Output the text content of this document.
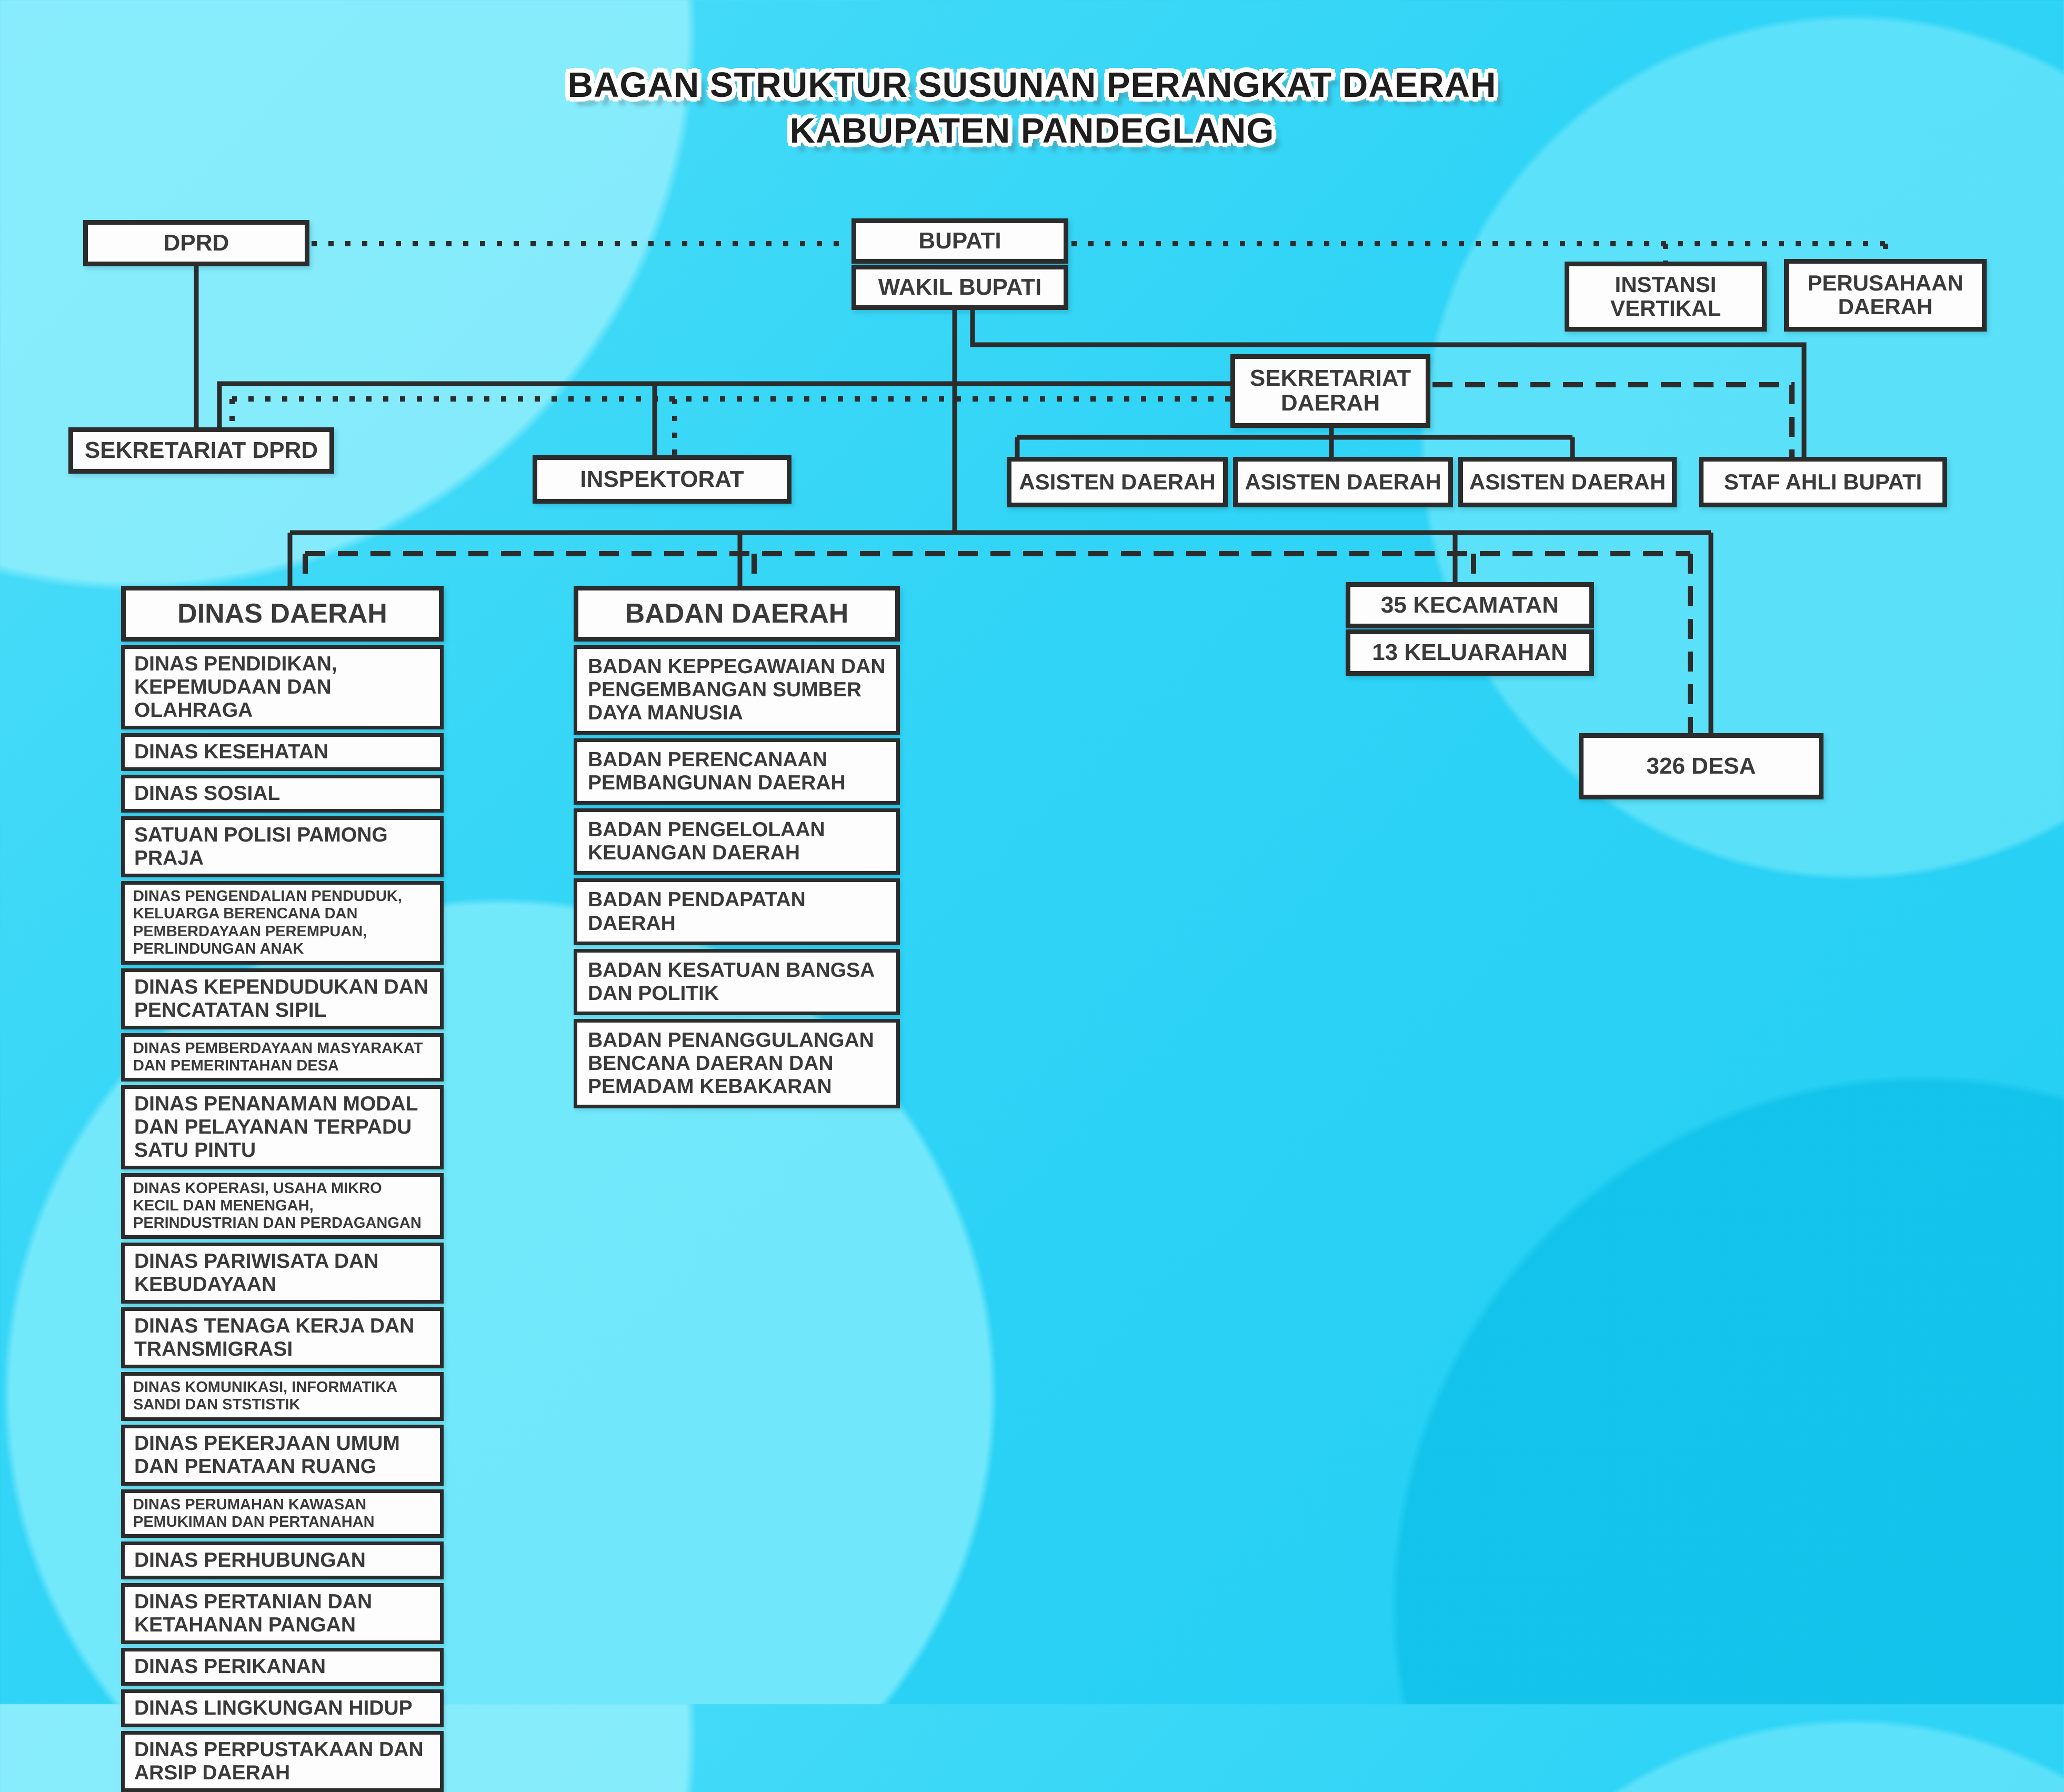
BAGAN STRUKTUR SUSUNAN PERANGKAT DAERAH
KABUPATEN PANDEGLANG
DPRD	BUPATI
WAKIL BUPATI	INSTANSI VERTIKAL
PERUSAHAAN DAERAH
SEKRETARIAT DPRD
INSPEKTORAT
SEKRETARIAT DAERAH
ASISTEN DAERAH ASISTEN DAERAH ASISTEN DAERAH	STAF AHLI BUPATI
35 KECAMATAN
13 KELUARAHAN
326 DESA
DINAS DAERAH
DINAS PENDIDIKAN, KEPEMUDAAN DAN OLAHRAGA
DINAS KESEHATAN
DINAS SOSIAL
SATUAN POLISI PAMONG PRAJA
DINAS PENGENDALIAN PENDUDUK, KELUARGA BERENCANA DAN PEMBERDAYAAN PEREMPUAN, PERLINDUNGAN ANAK
DINAS KEPENDUDUKAN DAN PENCATATAN SIPIL
DINAS PEMBERDAYAAN MASYARAKAT DAN PEMERINTAHAN DESA
DINAS PENANAMAN MODAL DAN PELAYANAN TERPADU SATU PINTU
DINAS KOPERASI, USAHA MIKRO KECIL DAN MENENGAH, PERINDUSTRIAN DAN PERDAGANGAN
DINAS PARIWISATA DAN KEBUDAYAAN
DINAS TENAGA KERJA DAN TRANSMIGRASI
DINAS KOMUNIKASI, INFORMATIKA SANDI DAN STSTISTIK
DINAS PEKERJAAN UMUM DAN PENATAAN RUANG
DINAS PERUMAHAN KAWASAN PEMUKIMAN DAN PERTANAHAN
DINAS PERHUBUNGAN
DINAS PERTANIAN DAN KETAHANAN PANGAN
DINAS PERIKANAN
DINAS LINGKUNGAN HIDUP
DINAS PERPUSTAKAAN DAN ARSIP DAERAH
BADAN DAERAH
BADAN KEPPEGAWAIAN DAN PENGEMBANGAN SUMBER DAYA MANUSIA
BADAN PERENCANAAN PEMBANGUNAN DAERAH
BADAN PENGELOLAAN KEUANGAN DAERAH
BADAN PENDAPATAN DAERAH
BADAN KESATUAN BANGSA DAN POLITIK
BADAN PENANGGULANGAN BENCANA DAERAN DAN PEMADAM KEBAKARAN
